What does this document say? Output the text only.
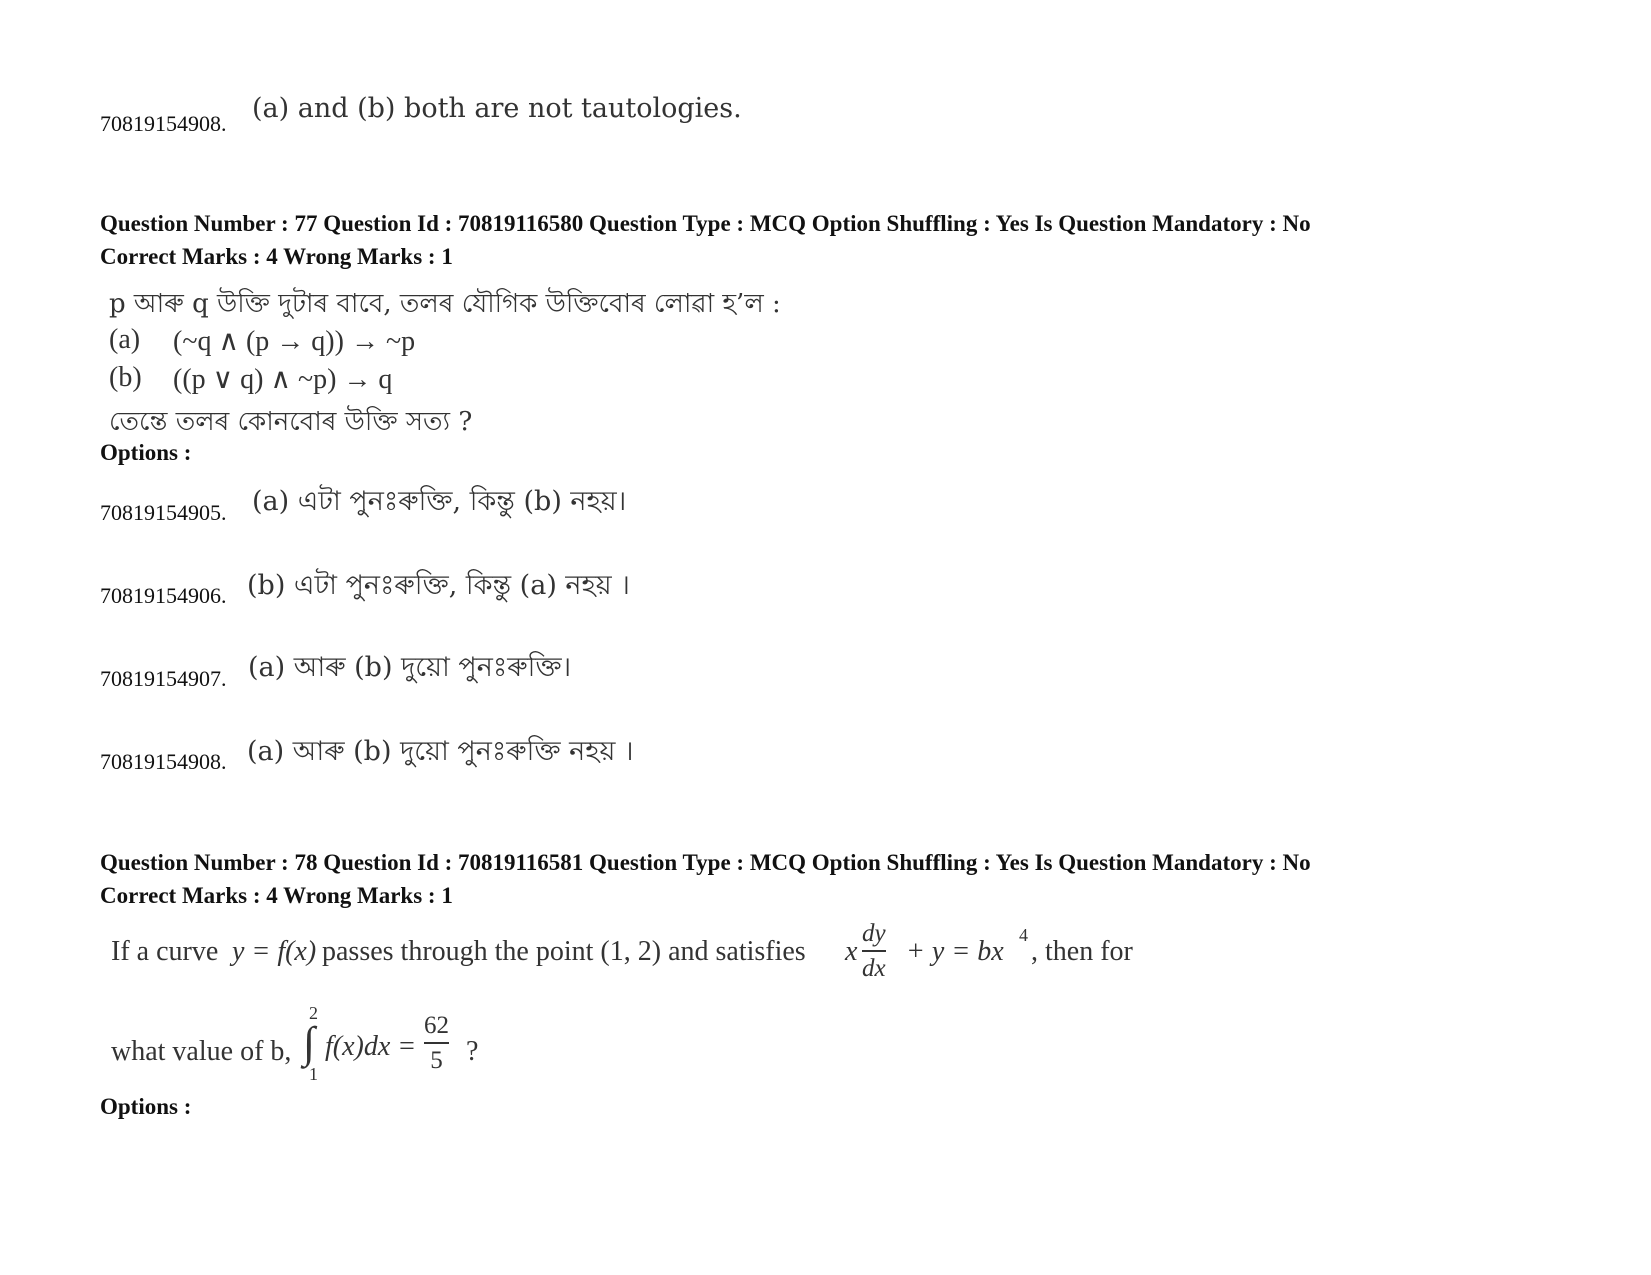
70819154908. (a) and (b) both are not tautologies.
Question Number : 77 Question Id : 70819116580 Question Type : MCQ Option Shuffling : Yes Is Question Mandatory : No
Correct Marks : 4 Wrong Marks : 1
p আৰু q উক্তি দুটাৰ বাবে, তলৰ যৌগিক উক্তিবোৰ লোৱা হ’ল :
(a) (~q ∧ (p → q)) → ~p
(b) ((p ∨ q) ∧ ~p) → q
তেন্তে তলৰ কোনবোৰ উক্তি সত্য ?
Options :
70819154905. (a) এটা পুনঃৰুক্তি, কিন্তু (b) নহয়।
70819154906. (b) এটা পুনঃৰুক্তি, কিন্তু (a) নহয় ।
70819154907. (a) আৰু (b) দুয়ো পুনঃৰুক্তি।
70819154908. (a) আৰু (b) দুয়ো পুনঃৰুক্তি নহয় ।
Question Number : 78 Question Id : 70819116581 Question Type : MCQ Option Shuffling : Yes Is Question Mandatory : No
Correct Marks : 4 Wrong Marks : 1
If a curve y = f(x) passes through the point (1, 2) and satisfies x
dy
dx
+ y = bx
4
, then for
what value of b,
2
∫
1
f(x)dx =
62
5 ?
Options :
